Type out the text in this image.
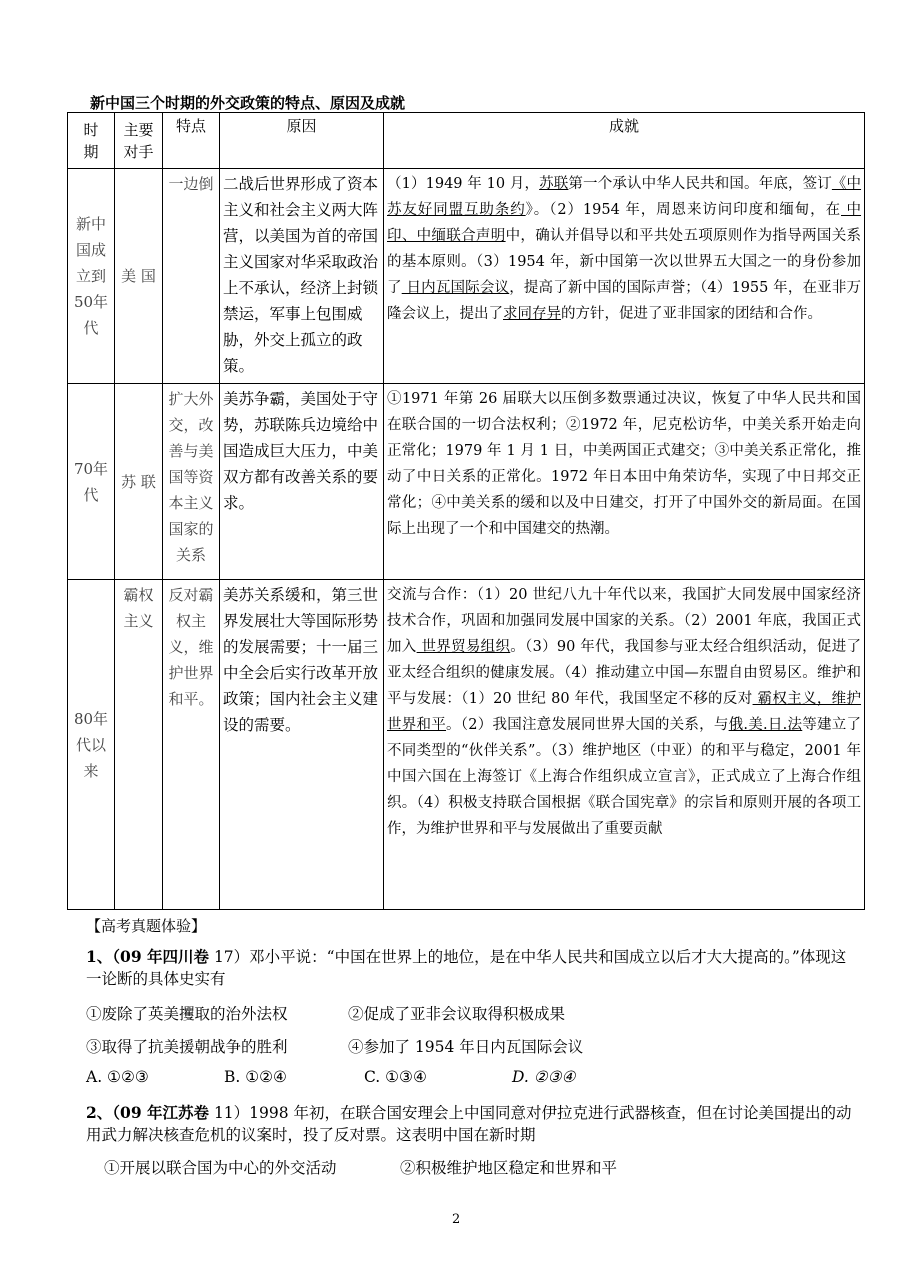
新中国三个时期的外交政策的特点、原因及成就
时　期	主要对手	特点	原因	成就
新中国成立到50年代	美 国	一边倒	二战后世界形成了资本主义和社会主义两大阵营，以美国为首的帝国主义国家对华采取政治上不承认，经济上封锁禁运，军事上包围威胁，外交上孤立的政策。	（1）1949 年 10 月，苏联第一个承认中华人民共和国。年底，签订《中苏友好同盟互助条约》。（2）1954 年，周恩来访问印度和缅甸，在 中印、中缅联合声明中，确认并倡导以和平共处五项原则作为指导两国关系的基本原则。（3）1954 年，新中国第一次以世界五大国之一的身份参加了 日内瓦国际会议，提高了新中国的国际声誉；（4）1955 年，在亚非万隆会议上，提出了求同存异的方针，促进了亚非国家的团结和合作。
70年代	苏 联	扩大外交，改善与美国等资本主义国家的关系	美苏争霸，美国处于守势，苏联陈兵边境给中国造成巨大压力，中美双方都有改善关系的要求。	①1971 年第 26 届联大以压倒多数票通过决议，恢复了中华人民共和国在联合国的一切合法权利；②1972 年，尼克松访华，中美关系开始走向正常化；1979 年 1 月 1 日，中美两国正式建交；③中美关系正常化，推动了中日关系的正常化。1972 年日本田中角荣访华，实现了中日邦交正常化；④中美关系的缓和以及中日建交，打开了中国外交的新局面。在国际上出现了一个和中国建交的热潮。
80年代以来	霸权主义	反对霸权主义，维护世界和平。	美苏关系缓和，第三世界发展壮大等国际形势的发展需要；十一届三中全会后实行改革开放政策；国内社会主义建设的需要。	交流与合作：（1）20 世纪八九十年代以来，我国扩大同发展中国家经济技术合作，巩固和加强同发展中国家的关系。（2）2001 年底，我国正式加入 世界贸易组织。（3）90 年代，我国参与亚太经合组织活动，促进了亚太经合组织的健康发展。（4）推动建立中国—东盟自由贸易区。维护和平与发展：（1）20 世纪 80 年代，我国坚定不移的反对 霸权主义，维护世界和平。（2）我国注意发展同世界大国的关系，与俄.美.日.法等建立了不同类型的“伙伴关系”。（3）维护地区（中亚）的和平与稳定，2001 年中国六国在上海签订《上海合作组织成立宣言》，正式成立了上海合作组织。（4）积极支持联合国根据《联合国宪章》的宗旨和原则开展的各项工作，为维护世界和平与发展做出了重要贡献
【高考真题体验】
1、（09 年四川卷 17）邓小平说：“中国在世界上的地位，是在中华人民共和国成立以后才大大提高的。”体现这一论断的具体史实有
①废除了英美攫取的治外法权	②促成了亚非会议取得积极成果
③取得了抗美援朝战争的胜利	④参加了 1954 年日内瓦国际会议
A. ①②③	B. ①②④	C. ①③④	D. ②③④
2、（09 年江苏卷 11）1998 年初，在联合国安理会上中国同意对伊拉克进行武器核查，但在讨论美国提出的动用武力解决核查危机的议案时，投了反对票。这表明中国在新时期
①开展以联合国为中心的外交活动	②积极维护地区稳定和世界和平
2
